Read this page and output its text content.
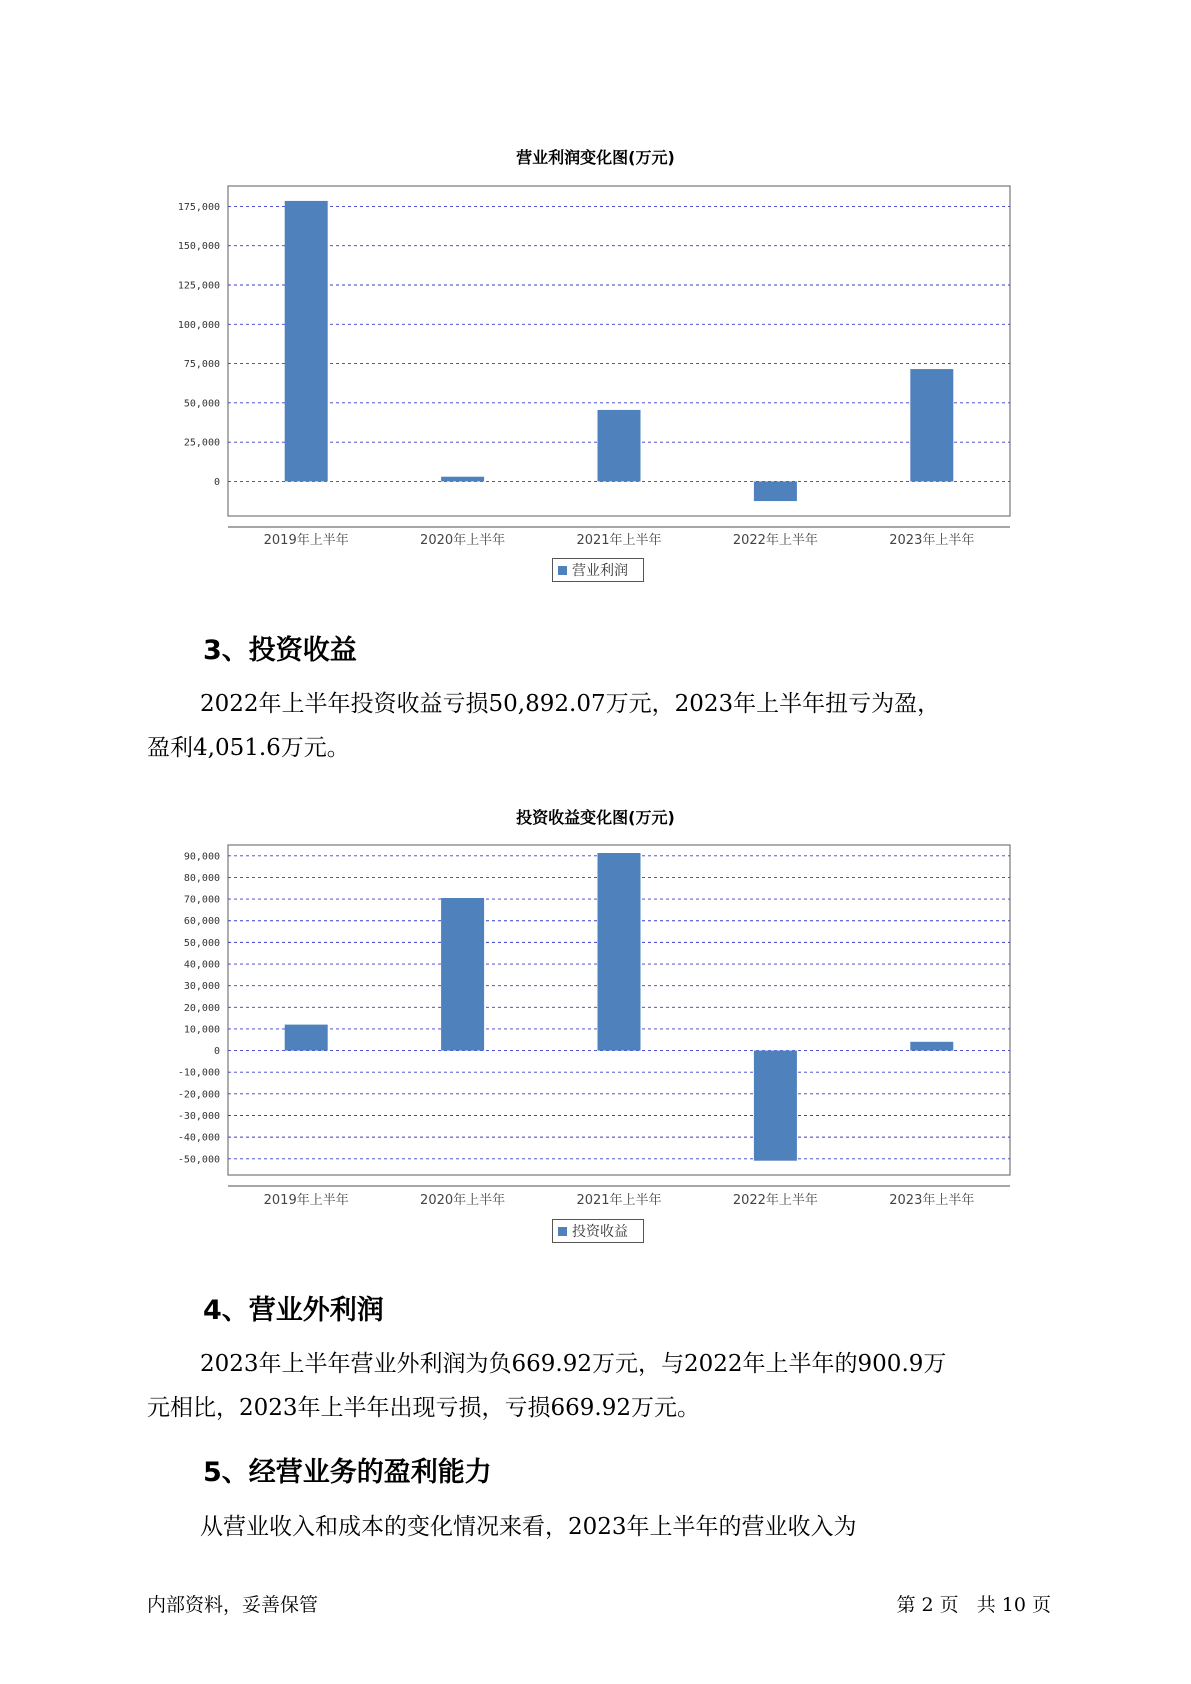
营业利润变化图(万元)
0
25,000
50,000
75,000
100,000
125,000
150,000
175,000
2019年上半年	2020年上半年	2021年上半年	2022年上半年	2023年上半年
营业利润
3、投资收益
2022年上半年投资收益亏损50,892.07万元，2023年上半年扭亏为盈，
盈利4,051.6万元。
投资收益变化图(万元)
-50,000
-40,000
-30,000
-20,000
-10,000
0
10,000
20,000
30,000
40,000
50,000
60,000
70,000
80,000
90,000
2019年上半年	2020年上半年	2021年上半年	2022年上半年	2023年上半年
投资收益
4、营业外利润
2023年上半年营业外利润为负669.92万元，与2022年上半年的900.9万
元相比，2023年上半年出现亏损，亏损669.92万元。
5、经营业务的盈利能力
从营业收入和成本的变化情况来看，2023年上半年的营业收入为
内部资料，妥善保管	第 2 页   共 10 页
